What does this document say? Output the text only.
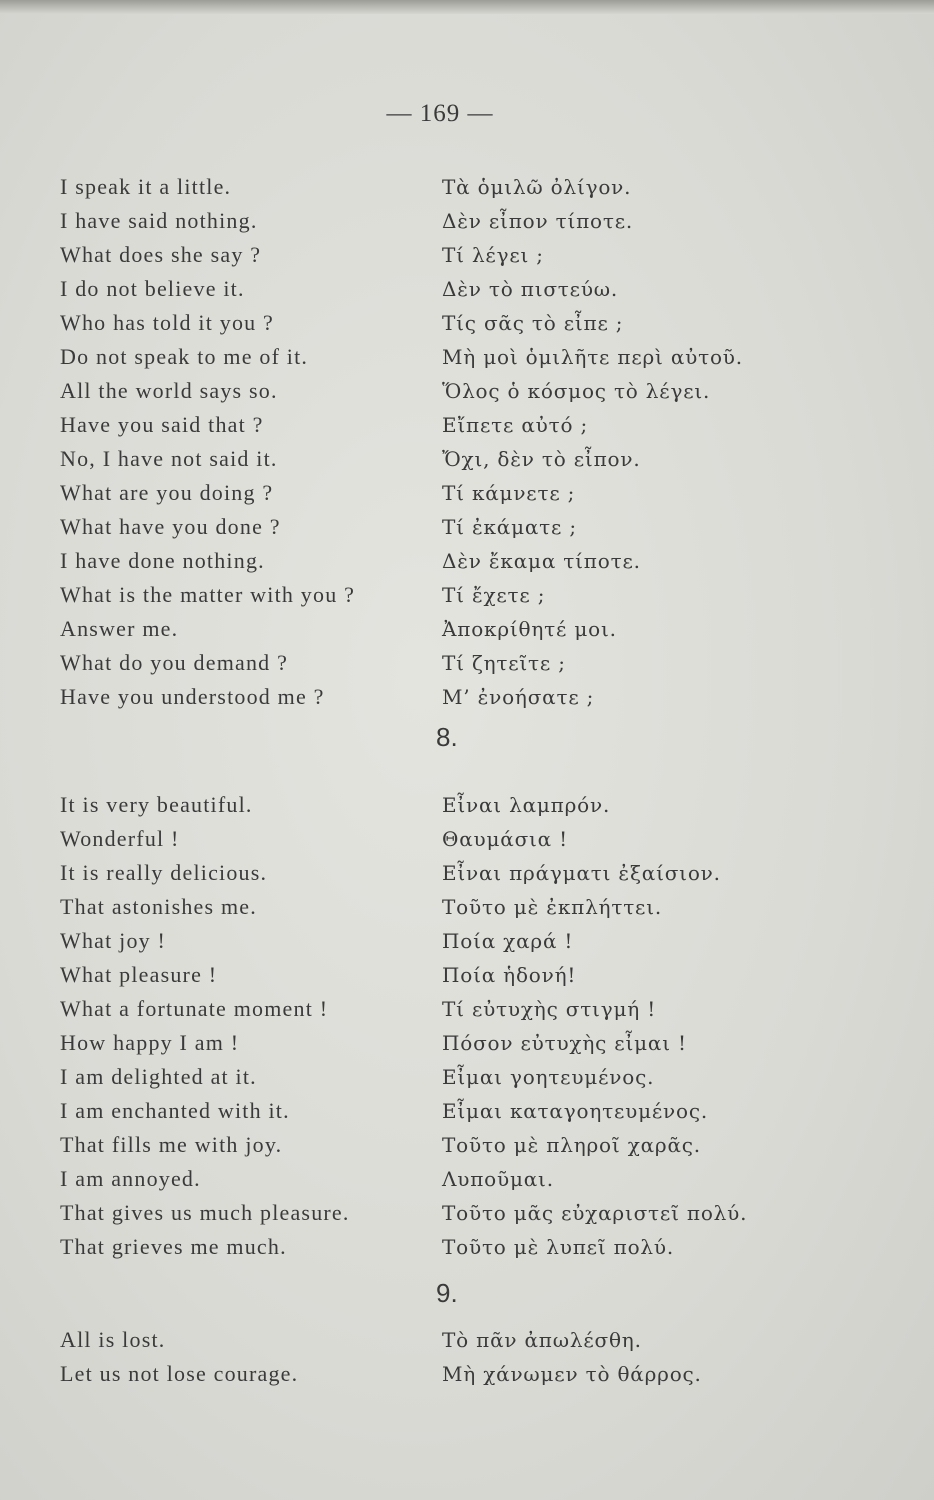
— 169 —
I speak it a little.	Τὰ ὁμιλῶ ὀλίγον.
I have said nothing.	Δὲν εἶπον τίποτε.
What does she say ?	Τί λέγει ;
I do not believe it.	Δὲν τὸ πιστεύω.
Who has told it you ?	Τίς σᾶς τὸ εἶπε ;
Do not speak to me of it.	Μὴ μοὶ ὁμιλῆτε περὶ αὐτοῦ.
All the world says so.	Ὅλος ὁ κόσμος τὸ λέγει.
Have you said that ?	Εἴπετε αὐτό ;
No, I have not said it.	Ὄχι, δὲν τὸ εἶπον.
What are you doing ?	Τί κάμνετε ;
What have you done ?	Τί ἐκάματε ;
I have done nothing.	Δὲν ἔκαμα τίποτε.
What is the matter with you ?	Τί ἔχετε ;
Answer me.	Ἀποκρίθητέ μοι.
What do you demand ?	Τί ζητεῖτε ;
Have you understood me ?	Μ’ ἐνοήσατε ;
8.
It is very beautiful.	Εἶναι λαμπρόν.
Wonderful !	Θαυμάσια !
It is really delicious.	Εἶναι πράγματι ἐξαίσιον.
That astonishes me.	Τοῦτο μὲ ἐκπλήττει.
What joy !	Ποία χαρά !
What pleasure !	Ποία ἡδονή!
What a fortunate moment !	Τί εὐτυχὴς στιγμή !
How happy I am !	Πόσον εὐτυχὴς εἶμαι !
I am delighted at it.	Εἶμαι γοητευμένος.
I am enchanted with it.	Εἶμαι καταγοητευμένος.
That fills me with joy.	Τοῦτο μὲ πληροῖ χαρᾶς.
I am annoyed.	Λυποῦμαι.
That gives us much pleasure.	Τοῦτο μᾶς εὐχαριστεῖ πολύ.
That grieves me much.	Τοῦτο μὲ λυπεῖ πολύ.
9.
All is lost.	Τὸ πᾶν ἀπωλέσθη.
Let us not lose courage.	Μὴ χάνωμεν τὸ θάρρος.
